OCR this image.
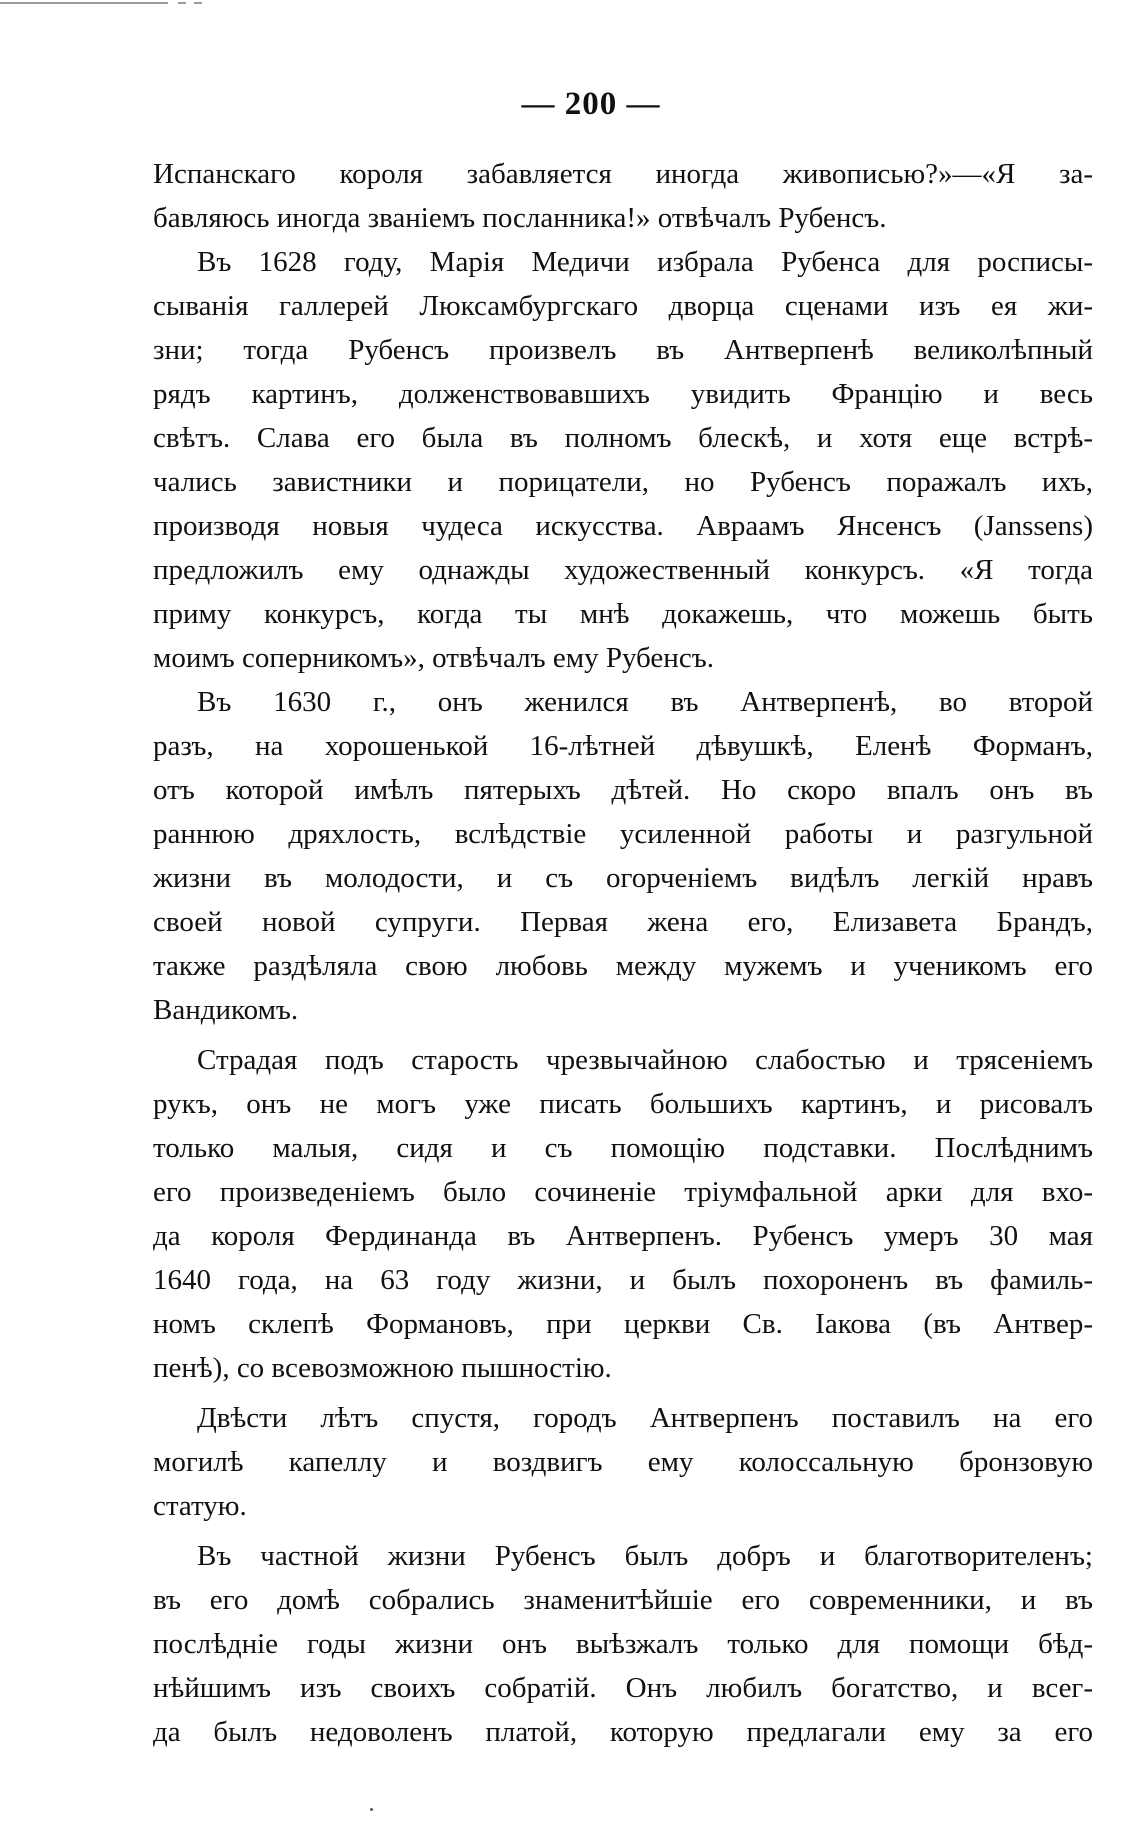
— 200 —
Испанскаго короля забавляется иногда живописью?»—«Я за-
бавляюсь иногда званіемъ посланника!» отвѣчалъ Рубенсъ.
Въ 1628 году, Марія Медичи избрала Рубенса для росписы-
сыванія галлерей Люксамбургскаго дворца сценами изъ ея жи-
зни; тогда Рубенсъ произвелъ въ Антверпенѣ великолѣпный
рядъ картинъ, долженствовавшихъ увидить Францію и весь
свѣтъ. Слава его была въ полномъ блескѣ, и хотя еще встрѣ-
чались завистники и порицатели, но Рубенсъ поражалъ ихъ,
производя новыя чудеса искусства. Авраамъ Янсенсъ (Janssens)
предложилъ ему однажды художественный конкурсъ. «Я тогда
приму конкурсъ, когда ты мнѣ докажешь, что можешь быть
моимъ соперникомъ», отвѣчалъ ему Рубенсъ.
Въ 1630 г., онъ женился въ Антверпенѣ, во второй
разъ, на хорошенькой 16-лѣтней дѣвушкѣ, Еленѣ Форманъ,
отъ которой имѣлъ пятерыхъ дѣтей. Но скоро впалъ онъ въ
раннюю дряхлость, вслѣдствіе усиленной работы и разгульной
жизни въ молодости, и съ огорченіемъ видѣлъ легкій нравъ
своей новой супруги. Первая жена его, Елизавета Брандъ,
также раздѣляла свою любовь между мужемъ и ученикомъ его
Вандикомъ.
Страдая подъ старость чрезвычайною слабостью и трясеніемъ
рукъ, онъ не могъ уже писать большихъ картинъ, и рисовалъ
только малыя, сидя и съ помощію подставки. Послѣднимъ
его произведеніемъ было сочиненіе тріумфальной арки для вхо-
да короля Фердинанда въ Антверпенъ. Рубенсъ умеръ 30 мая
1640 года, на 63 году жизни, и былъ похороненъ въ фамиль-
номъ склепѣ Формановъ, при церкви Св. Іакова (въ Антвер-
пенѣ), со всевозможною пышностію.
Двѣсти лѣтъ спустя, городъ Антверпенъ поставилъ на его
могилѣ капеллу и воздвигъ ему колоссальную бронзовую
статую.
Въ частной жизни Рубенсъ былъ добръ и благотворителенъ;
въ его домѣ собрались знаменитѣйшіе его современники, и въ
послѣдніе годы жизни онъ выѣзжалъ только для помощи бѣд-
нѣйшимъ изъ своихъ собратій. Онъ любилъ богатство, и всег-
да былъ недоволенъ платой, которую предлагали ему за его
